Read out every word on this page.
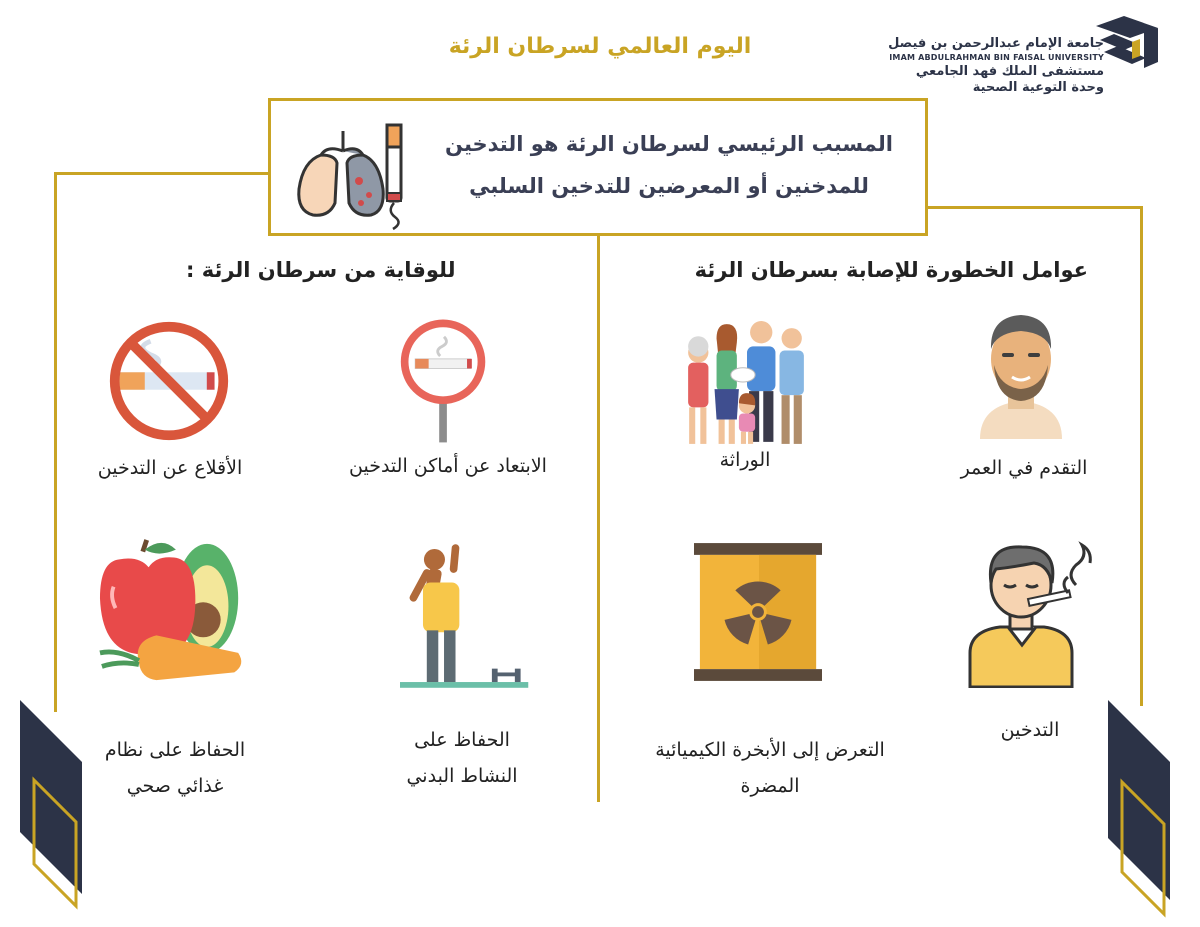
اليوم العالمي لسرطان الرئة	جامعة الإمام عبدالرحمن بن فيصل
IMAM ABDULRAHMAN BIN FAISAL UNIVERSITY
مستشفى الملك فهد الجامعي
وحدة التوعية الصحية
المسبب الرئيسي لسرطان الرئة هو التدخين
للمدخنين أو المعرضين للتدخين السلبي
عوامل الخطورة للإصابة بسرطان الرئة
للوقاية من سرطان الرئة :
التقدم في العمر
الوراثة
التدخين
التعرض إلى الأبخرة الكيميائية
المضرة
الابتعاد عن أماكن التدخين
الأقلاع عن التدخين
الحفاظ على
النشاط البدني
الحفاظ على نظام
غذائي صحي
